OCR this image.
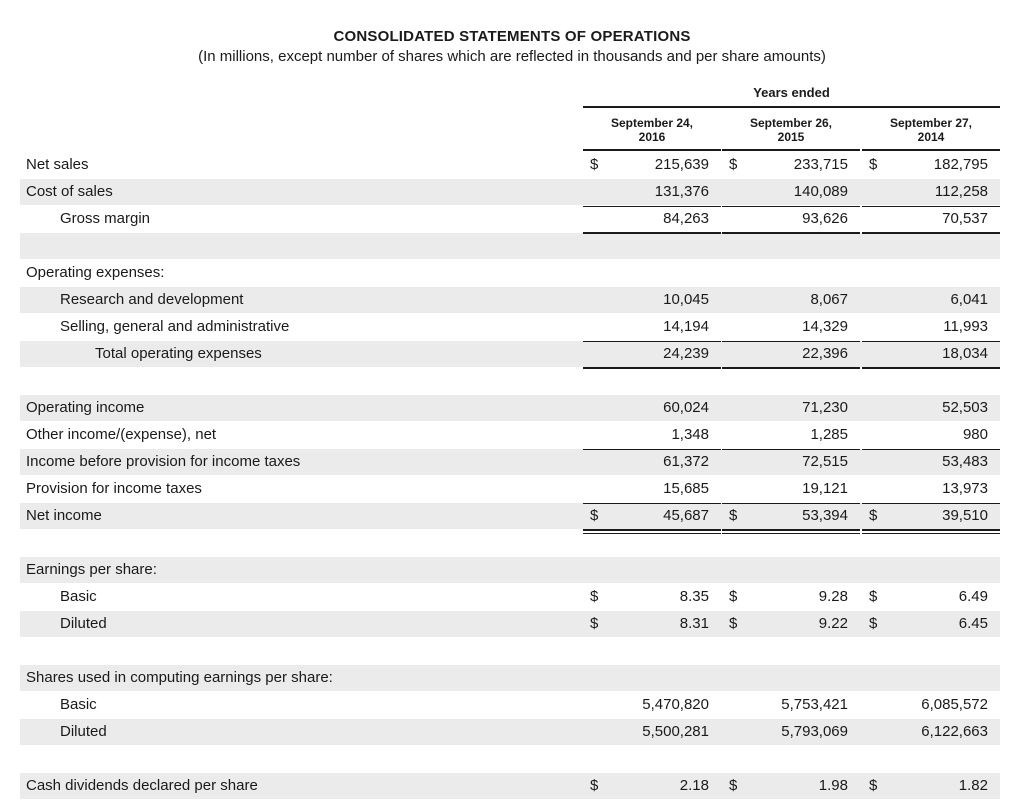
CONSOLIDATED STATEMENTS OF OPERATIONS
(In millions, except number of shares which are reflected in thousands and per share amounts)
Years ended
September 24,
2016
September 26,
2015
September 27,
2014
Net sales	$	215,639 $	233,715 $	182,795
Cost of sales	131,376	140,089	112,258
Gross margin	84,263	93,626	70,537
Operating expenses:
Research and development	10,045	8,067	6,041
Selling, general and administrative	14,194	14,329	11,993
Total operating expenses	24,239	22,396	18,034
Operating income	60,024	71,230	52,503
Other income/(expense), net	1,348	1,285	980
Income before provision for income taxes	61,372	72,515	53,483
Provision for income taxes	15,685	19,121	13,973
Net income	$	45,687 $	53,394 $	39,510
Earnings per share:
Basic	$	8.35 $	9.28 $	6.49
Diluted	$	8.31 $	9.22 $	6.45
Shares used in computing earnings per share:
Basic	5,470,820	5,753,421	6,085,572
Diluted	5,500,281	5,793,069	6,122,663
Cash dividends declared per share	$	2.18 $	1.98 $	1.82
